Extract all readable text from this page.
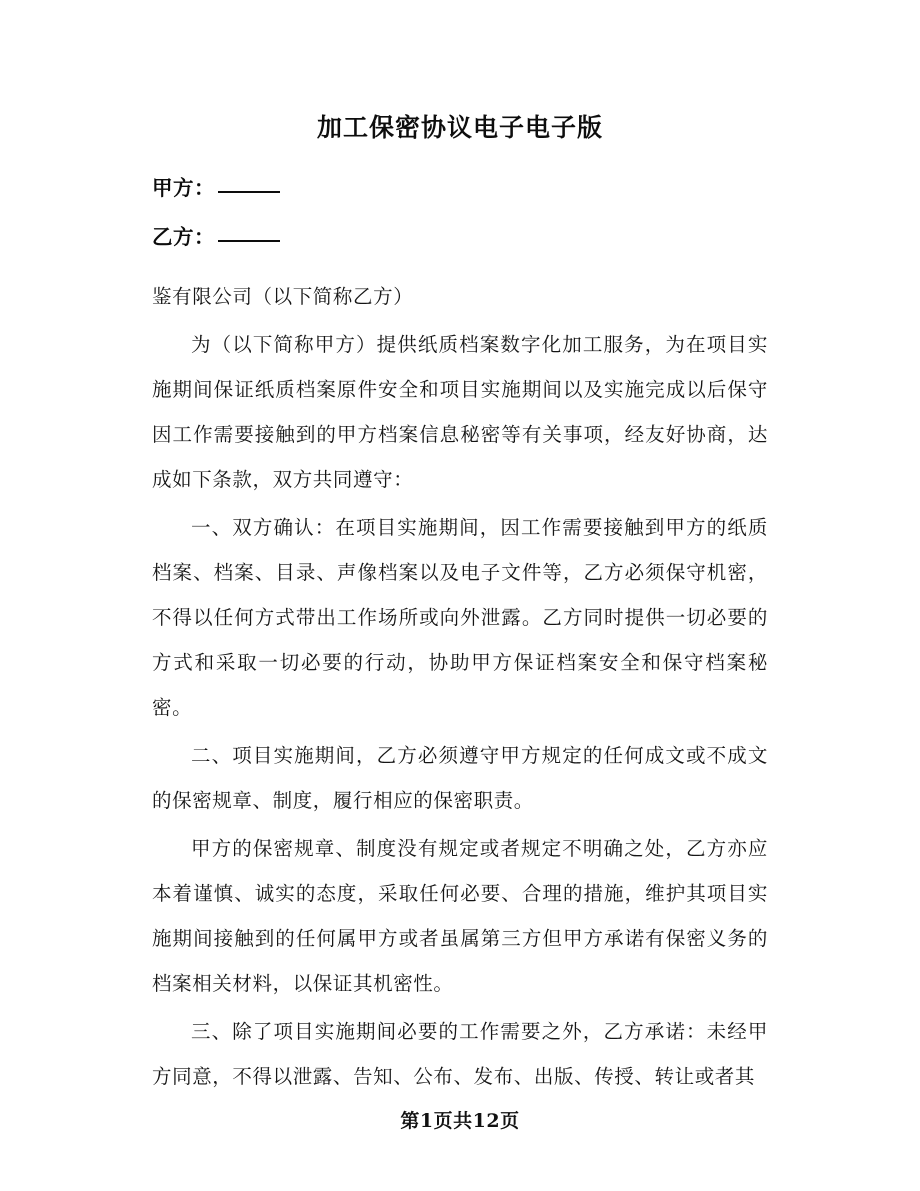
加工保密协议电子电子版
甲方：
乙方：

鉴有限公司（以下简称乙方）

为（以下简称甲方）提供纸质档案数字化加工服务，为在项目实施期间保证纸质档案原件安全和项目实施期间以及实施完成以后保守因工作需要接触到的甲方档案信息秘密等有关事项，经友好协商，达成如下条款，双方共同遵守：

一、双方确认：在项目实施期间，因工作需要接触到甲方的纸质档案、档案、目录、声像档案以及电子文件等，乙方必须保守机密，不得以任何方式带出工作场所或向外泄露。乙方同时提供一切必要的方式和采取一切必要的行动，协助甲方保证档案安全和保守档案秘密。

二、项目实施期间，乙方必须遵守甲方规定的任何成文或不成文的保密规章、制度，履行相应的保密职责。

甲方的保密规章、制度没有规定或者规定不明确之处，乙方亦应本着谨慎、诚实的态度，采取任何必要、合理的措施，维护其项目实施期间接触到的任何属甲方或者虽属第三方但甲方承诺有保密义务的档案相关材料，以保证其机密性。

三、除了项目实施期间必要的工作需要之外，乙方承诺：未经甲方同意，不得以泄露、告知、公布、发布、出版、传授、转让或者其

第1页共12页
